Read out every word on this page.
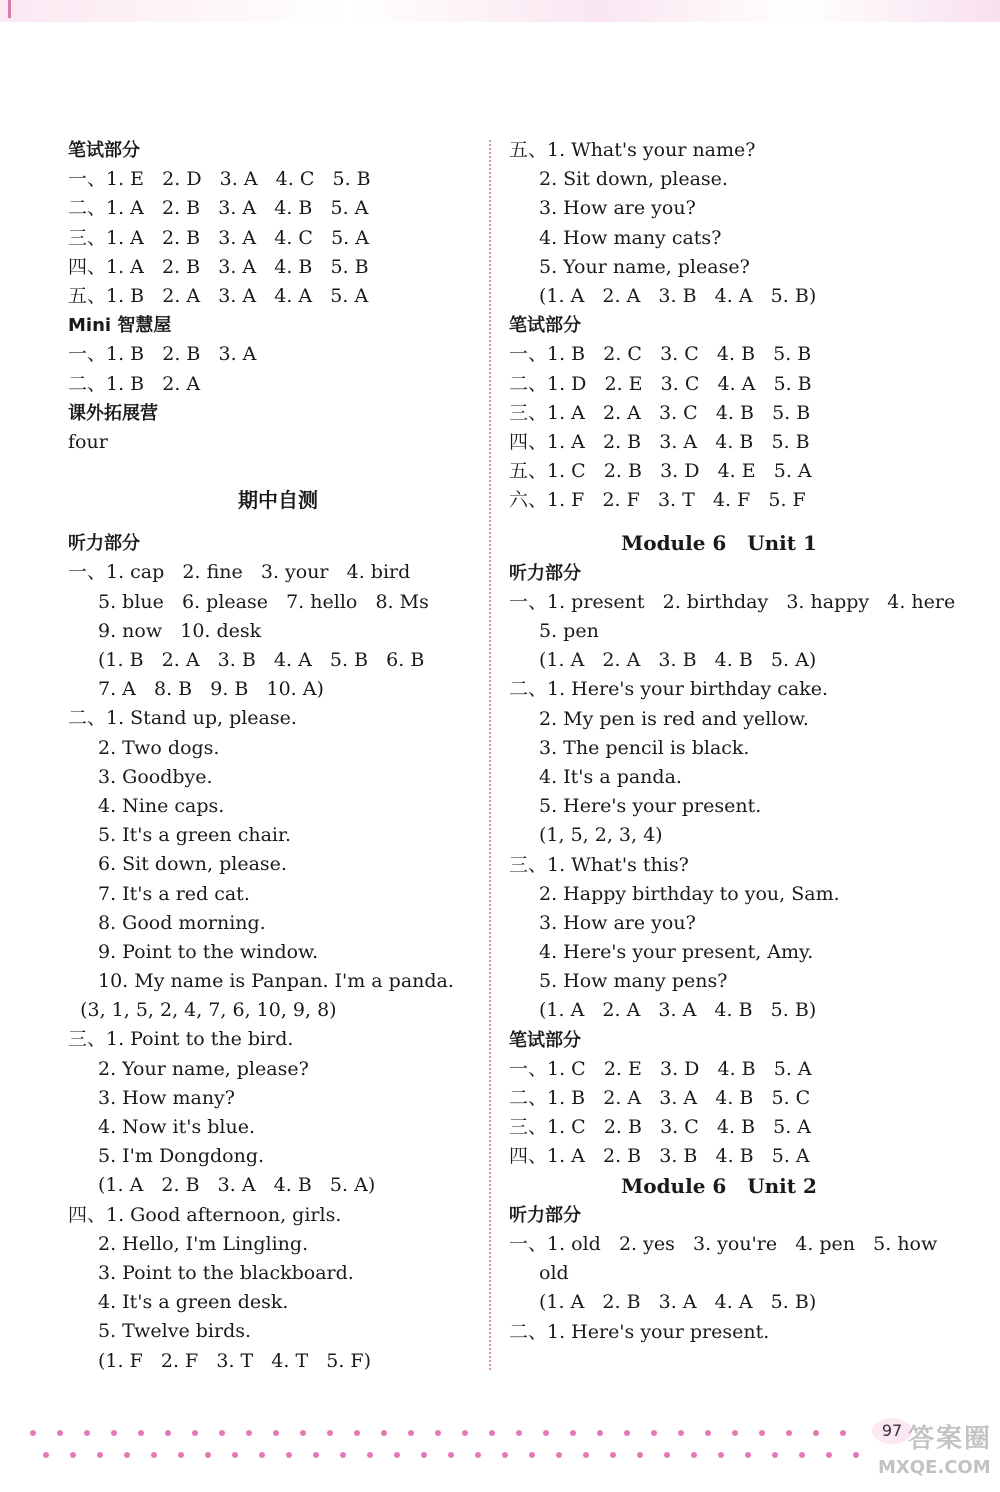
笔试部分
一、1. E   2. D   3. A   4. C   5. B
二、1. A   2. B   3. A   4. B   5. A
三、1. A   2. B   3. A   4. C   5. A
四、1. A   2. B   3. A   4. B   5. B
五、1. B   2. A   3. A   4. A   5. A
Mini 智慧屋
一、1. B   2. B   3. A
二、1. B   2. A
课外拓展营
four
期中自测
听力部分
一、1. cap   2. fine   3. your   4. bird
5. blue   6. please   7. hello   8. Ms
9. now   10. desk
(1. B   2. A   3. B   4. A   5. B   6. B
7. A   8. B   9. B   10. A)
二、1. Stand up, please.
2. Two dogs.
3. Goodbye.
4. Nine caps.
5. It's a green chair.
6. Sit down, please.
7. It's a red cat.
8. Good morning.
9. Point to the window.
10. My name is Panpan. I'm a panda.
(3, 1, 5, 2, 4, 7, 6, 10, 9, 8)
三、1. Point to the bird.
2. Your name, please?
3. How many?
4. Now it's blue.
5. I'm Dongdong.
(1. A   2. B   3. A   4. B   5. A)
四、1. Good afternoon, girls.
2. Hello, I'm Lingling.
3. Point to the blackboard.
4. It's a green desk.
5. Twelve birds.
(1. F   2. F   3. T   4. T   5. F)
五、1. What's your name?
2. Sit down, please.
3. How are you?
4. How many cats?
5. Your name, please?
(1. A   2. A   3. B   4. A   5. B)
笔试部分
一、1. B   2. C   3. C   4. B   5. B
二、1. D   2. E   3. C   4. A   5. B
三、1. A   2. A   3. C   4. B   5. B
四、1. A   2. B   3. A   4. B   5. B
五、1. C   2. B   3. D   4. E   5. A
六、1. F   2. F   3. T   4. F   5. F
Module 6   Unit 1
听力部分
一、1. present   2. birthday   3. happy   4. here
5. pen
(1. A   2. A   3. B   4. B   5. A)
二、1. Here's your birthday cake.
2. My pen is red and yellow.
3. The pencil is black.
4. It's a panda.
5. Here's your present.
(1, 5, 2, 3, 4)
三、1. What's this?
2. Happy birthday to you, Sam.
3. How are you?
4. Here's your present, Amy.
5. How many pens?
(1. A   2. A   3. A   4. B   5. B)
笔试部分
一、1. C   2. E   3. D   4. B   5. A
二、1. B   2. A   3. A   4. B   5. C
三、1. C   2. B   3. C   4. B   5. A
四、1. A   2. B   3. B   4. B   5. A
Module 6   Unit 2
听力部分
一、1. old   2. yes   3. you're   4. pen   5. how
old
(1. A   2. B   3. A   4. A   5. B)
二、1. Here's your present.
97 答案圈
MXQE.COM
